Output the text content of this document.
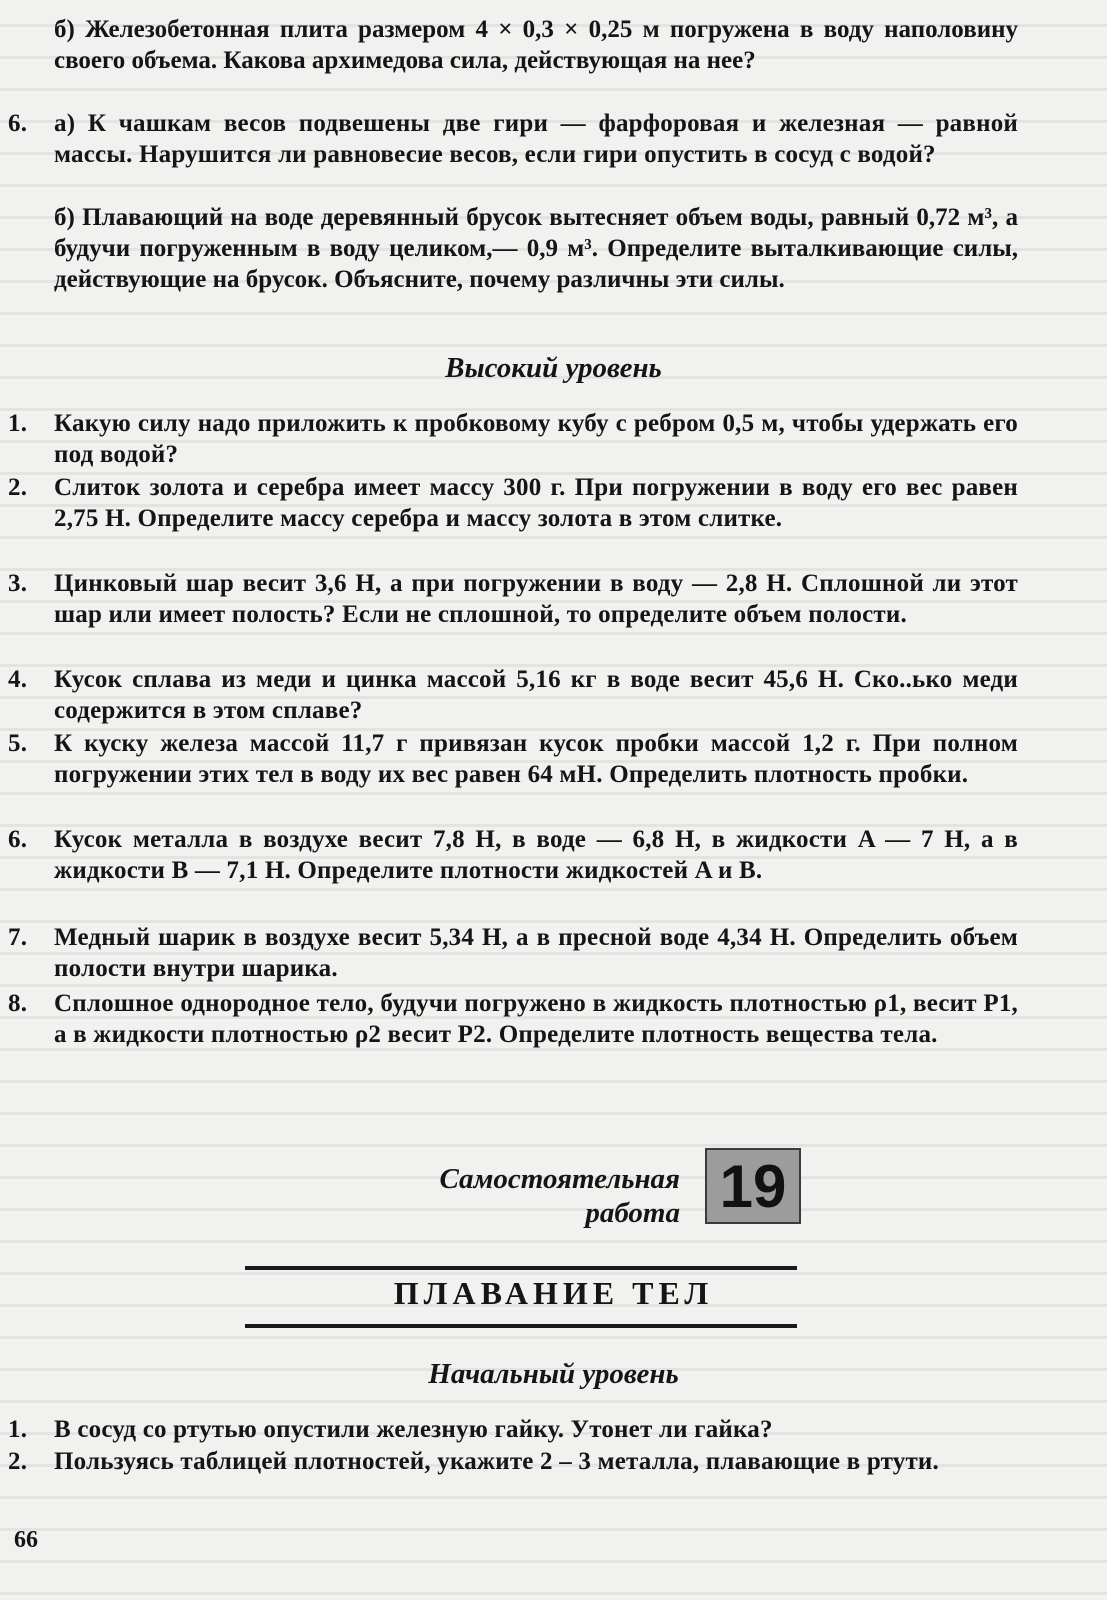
б) Железобетонная плита размером 4 × 0,3 × 0,25 м погружена в воду наполовину своего объема. Какова архимедова сила, действующая на нее?
6. а) К чашкам весов подвешены две гири — фарфоровая и железная — равной массы. Нарушится ли равновесие весов, если гири опустить в сосуд с водой?
б) Плавающий на воде деревянный брусок вытесняет объем воды, равный 0,72 м³, а будучи погруженным в воду целиком,— 0,9 м³. Определите выталкивающие силы, действующие на брусок. Объясните, почему различны эти силы.
Высокий уровень
1. Какую силу надо приложить к пробковому кубу с ребром 0,5 м, чтобы удержать его под водой?
2. Слиток золота и серебра имеет массу 300 г. При погружении в воду его вес равен 2,75 Н. Определите массу серебра и массу золота в этом слитке.
3. Цинковый шар весит 3,6 Н, а при погружении в воду — 2,8 Н. Сплошной ли этот шар или имеет полость? Если не сплошной, то определите объем полости.
4. Кусок сплава из меди и цинка массой 5,16 кг в воде весит 45,6 Н. Ско..ько меди содержится в этом сплаве?
5. К куску железа массой 11,7 г привязан кусок пробки массой 1,2 г. При полном погружении этих тел в воду их вес равен 64 мН. Определить плотность пробки.
6. Кусок металла в воздухе весит 7,8 Н, в воде — 6,8 Н, в жидкости A — 7 Н, а в жидкости B — 7,1 Н. Определите плотности жидкостей A и B.
7. Медный шарик в воздухе весит 5,34 Н, а в пресной воде 4,34 Н. Определить объем полости внутри шарика.
8. Сплошное однородное тело, будучи погружено в жидкость плотностью ρ1, весит P1, а в жидкости плотностью ρ2 весит P2. Определите плотность вещества тела.
Самостоятельная
работа 19
ПЛАВАНИЕ ТЕЛ
Начальный уровень
1. В сосуд со ртутью опустили железную гайку. Утонет ли гайка?
2. Пользуясь таблицей плотностей, укажите 2 – 3 металла, плавающие в ртути.
66
